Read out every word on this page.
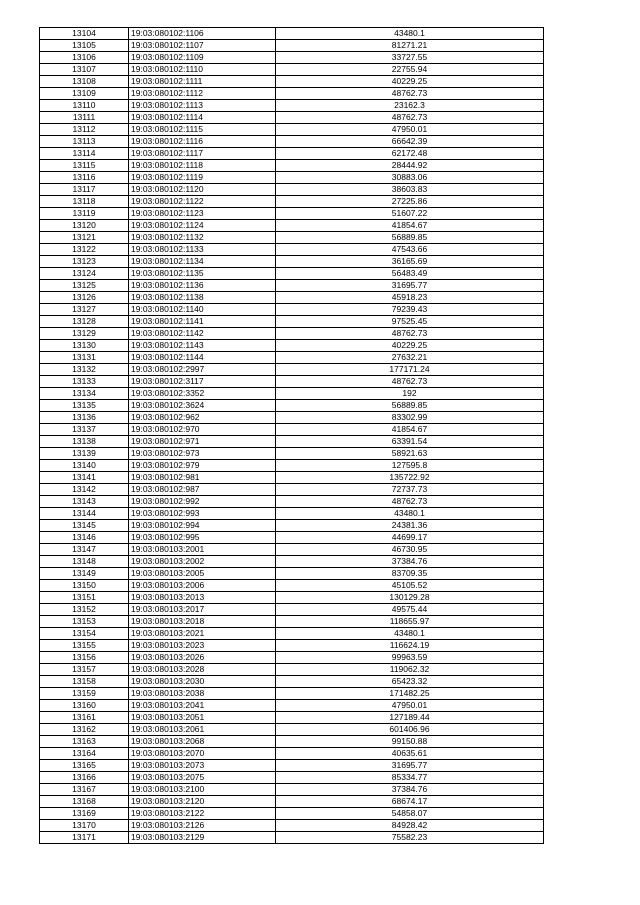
13104	19:03:080102:1106	43480.1
13105	19:03:080102:1107	81271.21
13106	19:03:080102:1109	33727.55
13107	19:03:080102:1110	22755.94
13108	19:03:080102:1111	40229.25
13109	19:03:080102:1112	48762.73
13110	19:03:080102:1113	23162.3
13111	19:03:080102:1114	48762.73
13112	19:03:080102:1115	47950.01
13113	19:03:080102:1116	66642.39
13114	19:03:080102:1117	62172.48
13115	19:03:080102:1118	28444.92
13116	19:03:080102:1119	30883.06
13117	19:03:080102:1120	38603.83
13118	19:03:080102:1122	27225.86
13119	19:03:080102:1123	51607.22
13120	19:03:080102:1124	41854.67
13121	19:03:080102:1132	56889.85
13122	19:03:080102:1133	47543.66
13123	19:03:080102:1134	36165.69
13124	19:03:080102:1135	56483.49
13125	19:03:080102:1136	31695.77
13126	19:03:080102:1138	45918.23
13127	19:03:080102:1140	79239.43
13128	19:03:080102:1141	97525.45
13129	19:03:080102:1142	48762.73
13130	19:03:080102:1143	40229.25
13131	19:03:080102:1144	27632.21
13132	19:03:080102:2997	177171.24
13133	19:03:080102:3117	48762.73
13134	19:03:080102:3352	192
13135	19:03:080102:3624	56889.85
13136	19:03:080102:962	83302.99
13137	19:03:080102:970	41854.67
13138	19:03:080102:971	63391.54
13139	19:03:080102:973	58921.63
13140	19:03:080102:979	127595.8
13141	19:03:080102:981	135722.92
13142	19:03:080102:987	72737.73
13143	19:03:080102:992	48762.73
13144	19:03:080102:993	43480.1
13145	19:03:080102:994	24381.36
13146	19:03:080102:995	44699.17
13147	19:03:080103:2001	46730.95
13148	19:03:080103:2002	37384.76
13149	19:03:080103:2005	83709.35
13150	19:03:080103:2006	45105.52
13151	19:03:080103:2013	130129.28
13152	19:03:080103:2017	49575.44
13153	19:03:080103:2018	118655.97
13154	19:03:080103:2021	43480.1
13155	19:03:080103:2023	116624.19
13156	19:03:080103:2026	99963.59
13157	19:03:080103:2028	119062.32
13158	19:03:080103:2030	65423.32
13159	19:03:080103:2038	171482.25
13160	19:03:080103:2041	47950.01
13161	19:03:080103:2051	127189.44
13162	19:03:080103:2061	601406.96
13163	19:03:080103:2068	99150.88
13164	19:03:080103:2070	40635.61
13165	19:03:080103:2073	31695.77
13166	19:03:080103:2075	85334.77
13167	19:03:080103:2100	37384.76
13168	19:03:080103:2120	68674.17
13169	19:03:080103:2122	54858.07
13170	19:03:080103:2126	84928.42
13171	19:03:080103:2129	75582.23
